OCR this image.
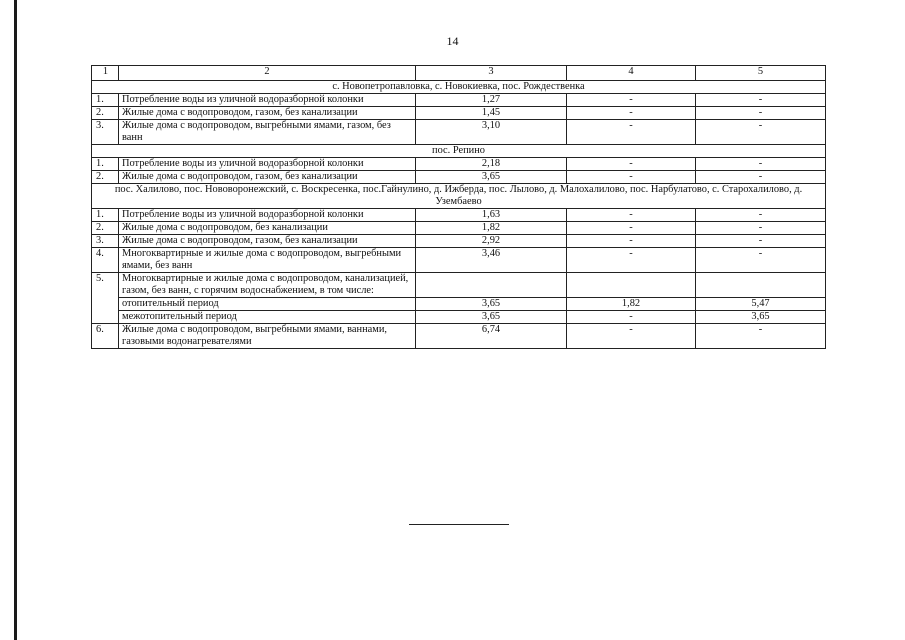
14
1	2	3	4	5
с. Новопетропавловка, с. Новокиевка, пос. Рождественка				
1.	Потребление воды из уличной водоразборной колонки	1,27	-	-
2.	Жилые дома с водопроводом, газом, без канализации	1,45	-	-
3.	Жилые дома с водопроводом, выгребными ямами, газом, без ванн	3,10	-	-
пос. Репино				
1.	Потребление воды из уличной водоразборной колонки	2,18	-	-
2.	Жилые дома с водопроводом, газом, без канализации	3,65	-	-
пос. Халилово, пос. Нововоронежский, с. Воскресенка, пос.Гайнулино, д. Ижберда, пос. Лылово, д. Малохалилово, пос. Нарбулатово, с. Старохалилово, д. Узембаево				
1.	Потребление воды из уличной водоразборной колонки	1,63	-	-
2.	Жилые дома с водопроводом, без канализации	1,82	-	-
3.	Жилые дома с водопроводом, газом, без канализации	2,92	-	-
4.	Многоквартирные и жилые дома с водопроводом, выгребными ямами, без ванн	3,46	-	-
5.	Многоквартирные и жилые дома с водопроводом, канализацией, газом, без ванн, с горячим водоснабжением, в том числе:			
	отопительный период	3,65	1,82	5,47
	межотопительный период	3,65	-	3,65
6.	Жилые дома с водопроводом, выгребными ямами, ваннами, газовыми водонагревателями	6,74	-	-
